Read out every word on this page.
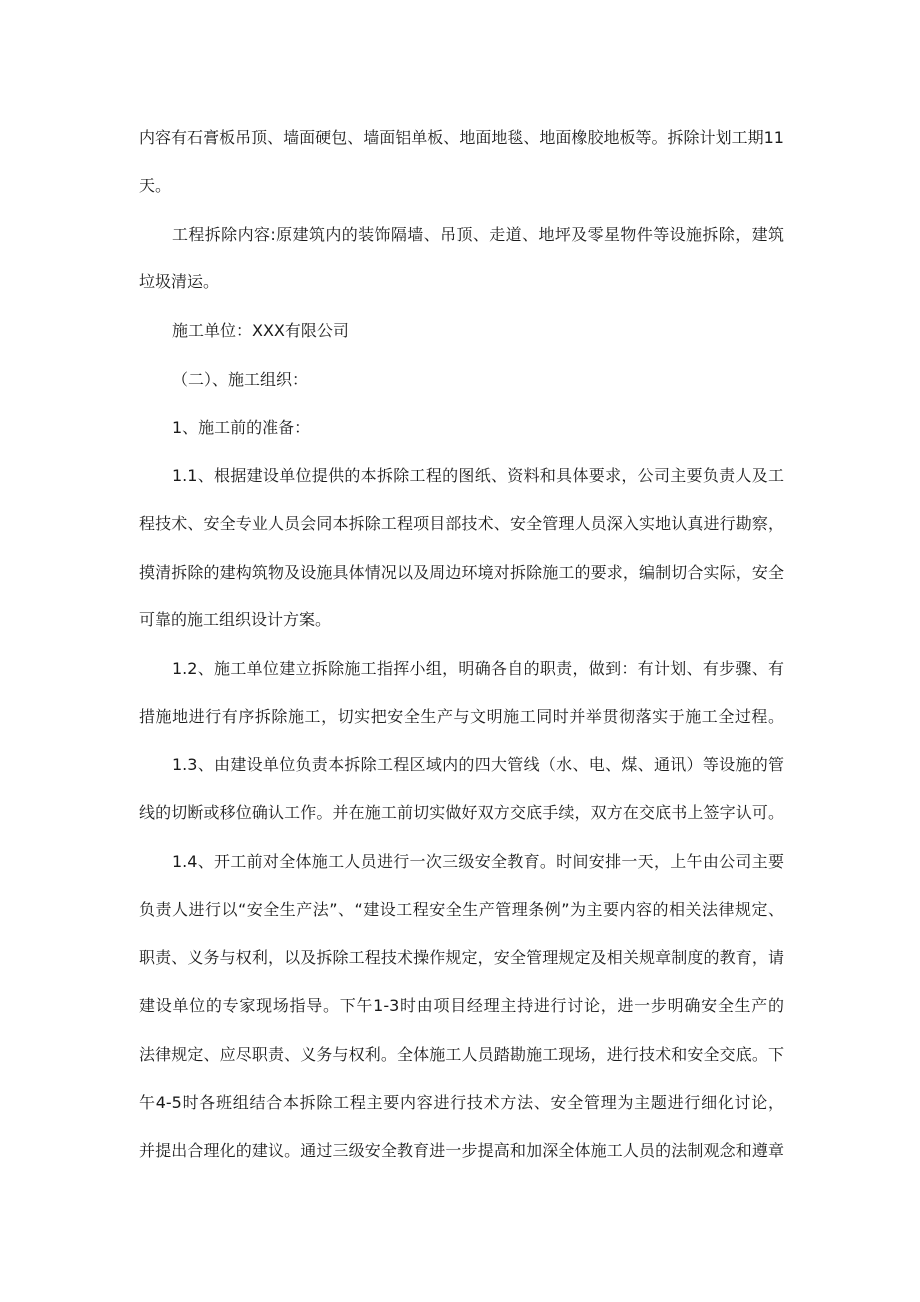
内容有石膏板吊顶、墙面硬包、墙面铝单板、地面地毯、地面橡胶地板等。拆除计划工期11
天。
工程拆除内容:原建筑内的装饰隔墙、吊顶、走道、地坪及零星物件等设施拆除，建筑
垃圾清运。
施工单位：XXX有限公司
（二）、施工组织：
1、施工前的准备：
1.1、根据建设单位提供的本拆除工程的图纸、资料和具体要求，公司主要负责人及工
程技术、安全专业人员会同本拆除工程项目部技术、安全管理人员深入实地认真进行勘察，
摸清拆除的建构筑物及设施具体情况以及周边环境对拆除施工的要求，编制切合实际，安全
可靠的施工组织设计方案。
1.2、施工单位建立拆除施工指挥小组，明确各自的职责，做到：有计划、有步骤、有
措施地进行有序拆除施工，切实把安全生产与文明施工同时并举贯彻落实于施工全过程。
1.3、由建设单位负责本拆除工程区域内的四大管线（水、电、煤、通讯）等设施的管
线的切断或移位确认工作。并在施工前切实做好双方交底手续，双方在交底书上签字认可。
1.4、开工前对全体施工人员进行一次三级安全教育。时间安排一天，上午由公司主要
负责人进行以“安全生产法”、“建设工程安全生产管理条例”为主要内容的相关法律规定、
职责、义务与权利，以及拆除工程技术操作规定，安全管理规定及相关规章制度的教育，请
建设单位的专家现场指导。下午1-3时由项目经理主持进行讨论，进一步明确安全生产的
法律规定、应尽职责、义务与权利。全体施工人员踏勘施工现场，进行技术和安全交底。下
午4-5时各班组结合本拆除工程主要内容进行技术方法、安全管理为主题进行细化讨论，
并提出合理化的建议。通过三级安全教育进一步提高和加深全体施工人员的法制观念和遵章
